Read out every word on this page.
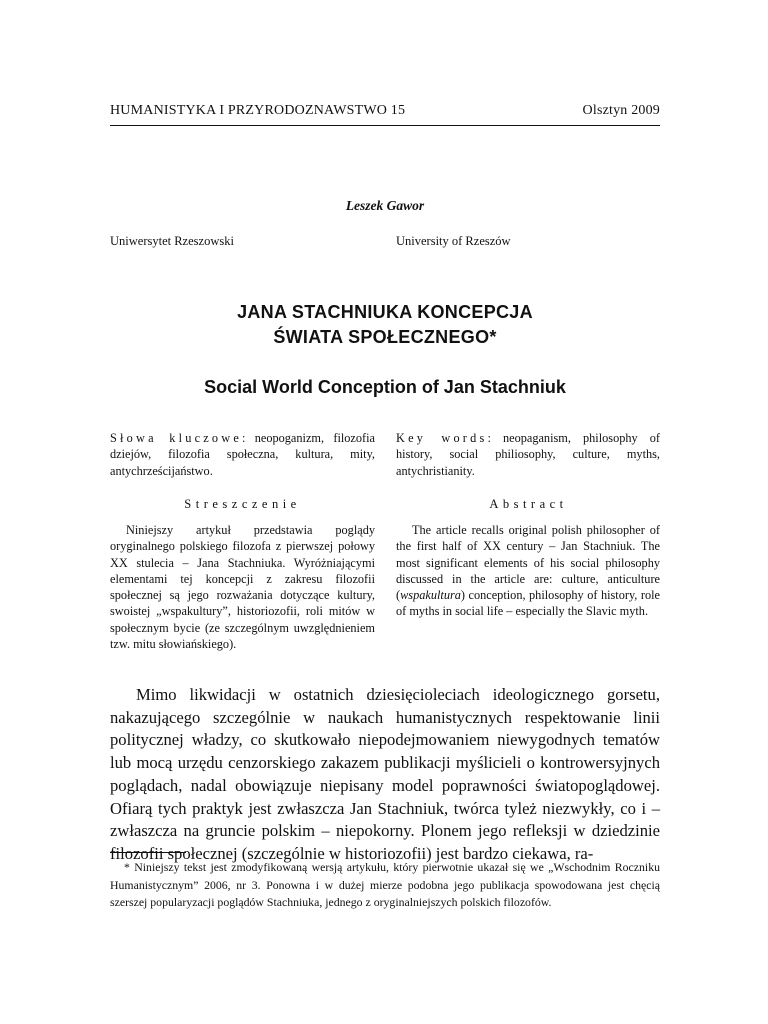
HUMANISTYKA I PRZYRODOZNAWSTWO 15	Olsztyn 2009
Leszek Gawor
Uniwersytet Rzeszowski	University of Rzeszów
JANA STACHNIUKA KONCEPCJA
ŚWIATA SPOŁECZNEGO*
Social World Conception of Jan Stachniuk
Słowa kluczowe: neopoganizm, filozofia dziejów, filozofia społeczna, kultura, mity, antychrześcijaństwo.
Key words: neopaganism, philosophy of history, social philiosophy, culture, myths, antychristianity.
Streszczenie	Abstract
Niniejszy artykuł przedstawia poglądy oryginalnego polskiego filozofa z pierwszej połowy XX stulecia – Jana Stachniuka. Wyróżniającymi elementami tej koncepcji z zakresu filozofii społecznej są jego rozważania dotyczące kultury, swoistej „wspakultury”, historiozofii, roli mitów w społecznym bycie (ze szczególnym uwzględnieniem tzw. mitu słowiańskiego).
The article recalls original polish philosopher of the first half of XX century – Jan Stachniuk. The most significant elements of his social philosophy discussed in the article are: culture, anticulture (wspakultura) conception, philosophy of history, role of myths in social life – especially the Slavic myth.
Mimo likwidacji w ostatnich dziesięcioleciach ideologicznego gorsetu, nakazującego szczególnie w naukach humanistycznych respektowanie linii politycznej władzy, co skutkowało niepodejmowaniem niewygodnych tematów lub mocą urzędu cenzorskiego zakazem publikacji myślicieli o kontrowersyjnych poglądach, nadal obowiązuje niepisany model poprawności światopoglądowej. Ofiarą tych praktyk jest zwłaszcza Jan Stachniuk, twórca tyleż niezwykły, co i – zwłaszcza na gruncie polskim – niepokorny. Plonem jego refleksji w dziedzinie filozofii społecznej (szczególnie w historiozofii) jest bardzo ciekawa, ra-
* Niniejszy tekst jest zmodyfikowaną wersją artykułu, który pierwotnie ukazał się we „Wschodnim Roczniku Humanistycznym” 2006, nr 3. Ponowna i w dużej mierze podobna jego publikacja spowodowana jest chęcią szerszej popularyzacji poglądów Stachniuka, jednego z oryginalniejszych polskich filozofów.
